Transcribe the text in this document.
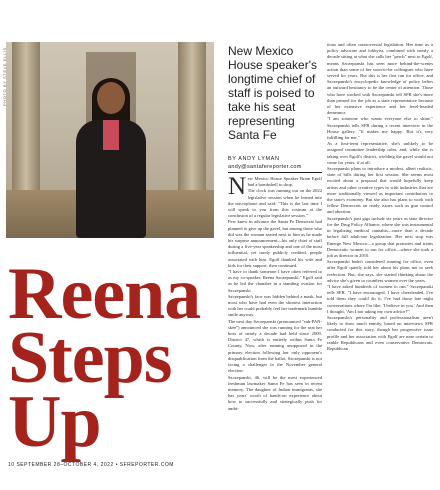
PHOTO BY STEVE ELLIS	New Mexico House speaker's longtime chief of staff is poised to take his seat representing Santa Fe

BY ANDY LYMAN
andy@santafereporter.com
New Mexico House Speaker Brian Egolf had a bombshell to drop.
The clock was running out on the 2022 legislative session when he leaned into the microphone and said: "This is the last time I will speak to you from this rostrum at the conclusion of a regular legislative session."
Few knew in advance the Santa Fe Democrat had planned to give up the gavel, but among those who did was the woman seated next to him as he made his surprise announcement—his only chief of staff during a five-year speakership and one of the most influential, yet rarely publicly credited, people associated with him. Egolf thanked his wife and kids for their support, then continued.
"I have to thank someone I have often referred to as my co-speaker, Reena Szczepanski," Egolf said as he led the chamber in a standing ovation for Szczepanski.
Szczepanski's face was hidden behind a mask, but most who have had even the shortest interaction with her could probably feel her trademark humble smile anyway.
The next day Szczepanski (pronounced "suh-PAN-skee") announced she was running for the seat her boss of nearly a decade had held since 2009. District 47, which is entirely within Santa Fe County, Now, after running unopposed in the primary election following her only opponent's disqualification from the ballot, Szczepanski is not facing a challenger in the November general election.
Szczepanski, 46, will be the most experienced freshman lawmaker Santa Fe has seen in recent memory. The daughter of Indian immigrants, she has years' worth of hands-on experience about how to successfully and strategically push for ambi-
tious and often controversial legislation. Her time as a policy advocate and lobbyist, combined with nearly a decade sitting at what she calls her "perch" next to Egolf, means Szczepanski has seen more behind-the-scenes action than some of her soon-to-be colleagues who have served for years. But this is her first run for office, and Szczepanski's encyclopedic knowledge of policy belies an outward hesitancy to be the center of attention. Those who have worked with Szczepanski tell SFR she's more than primed for the job as a state representative because of her extensive experience and her level-headed demeanor.
"I am someone who wants everyone else to shine," Szczepanski tells SFR during a recent interview in the House gallery. "It makes me happy. But it's very fulfilling for me."
As a first-term representative, she's unlikely to be assigned committee leadership roles, and, while she is taking over Egolf's district, wielding the gavel would not come for years, if at all.
Szczepanski plans to introduce a modest, albeit realistic, slate of bills during her first session. She seems most excited about a proposal that would hopefully keep artists and other creative types in with industries that are more traditionally viewed as important contributors to the state's economy. But she also has plans to work with fellow Democrats on ready issues such as gun control and abortion.
Szczepanski's past gigs include six years as state director for the Drug Policy Alliance, where she was instrumental in legalizing medical cannabis—more than a decade before full adult-use legalization. Her next stop was Emerge New Mexico—a group that promotes and trains Democratic women to run for office—where she took a job as director in 2010.
Szczepanski hadn't considered running for office, even after Egolf quietly told her about his plans not to seek reelection. But, she says, she started thinking about the advice she's given to countless women over the years.
"I have asked hundreds of women to run," Szczepanski tells SFR. "I have encouraged, I have cheerleaded, I've told them they could do it, I've had those late night conversations where I'm like, 'I believe in you.' And then I thought, 'Am I not taking my own advice?'"
Szczepanski's personality and professionalism aren't likely to draw much enmity, based on interviews SFR conducted for this story, though her progressive issue profile and her association with Egolf are near certain to rankle Republicans and even conservative Democrats. Republican
Reena
Steps
Up
10 SEPTEMBER 28–OCTOBER 4, 2022 • SFREPORTER.COM
